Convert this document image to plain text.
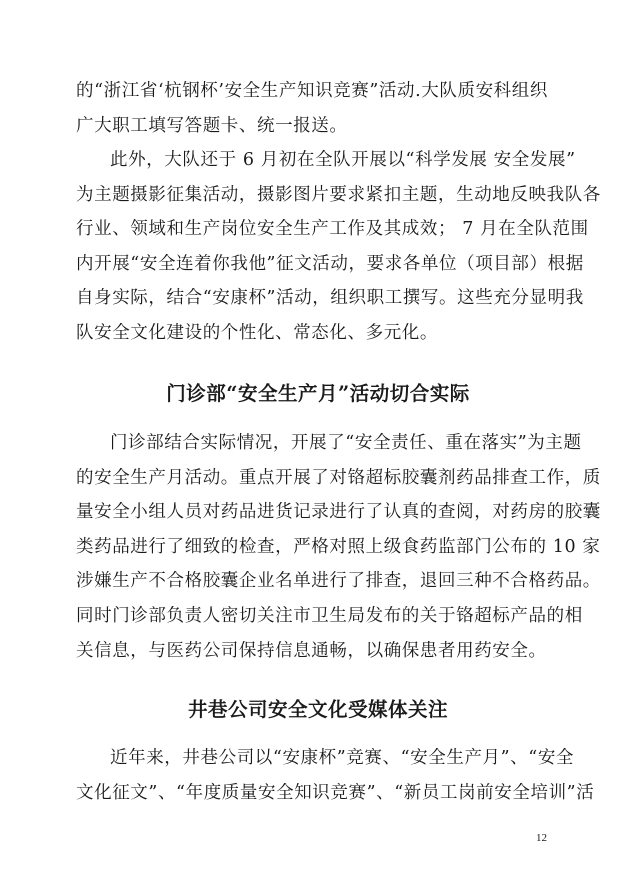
的“浙江省‘杭钢杯’安全生产知识竞赛”活动.大队质安科组织
广大职工填写答题卡、统一报送。
此外，大队还于 6 月初在全队开展以“科学发展 安全发展”
为主题摄影征集活动，摄影图片要求紧扣主题，生动地反映我队各
行业、领域和生产岗位安全生产工作及其成效； 7 月在全队范围
内开展“安全连着你我他”征文活动，要求各单位（项目部）根据
自身实际，结合“安康杯”活动，组织职工撰写。这些充分显明我
队安全文化建设的个性化、常态化、多元化。
门诊部“安全生产月”活动切合实际
门诊部结合实际情况，开展了“安全责任、重在落实”为主题
的安全生产月活动。重点开展了对铬超标胶囊剂药品排查工作，质
量安全小组人员对药品进货记录进行了认真的查阅，对药房的胶囊
类药品进行了细致的检查，严格对照上级食药监部门公布的 10 家
涉嫌生产不合格胶囊企业名单进行了排查，退回三种不合格药品。
同时门诊部负责人密切关注市卫生局发布的关于铬超标产品的相
关信息，与医药公司保持信息通畅，以确保患者用药安全。
井巷公司安全文化受媒体关注
近年来，井巷公司以“安康杯”竞赛、“安全生产月”、“安全
文化征文”、“年度质量安全知识竞赛”、“新员工岗前安全培训”活
12
